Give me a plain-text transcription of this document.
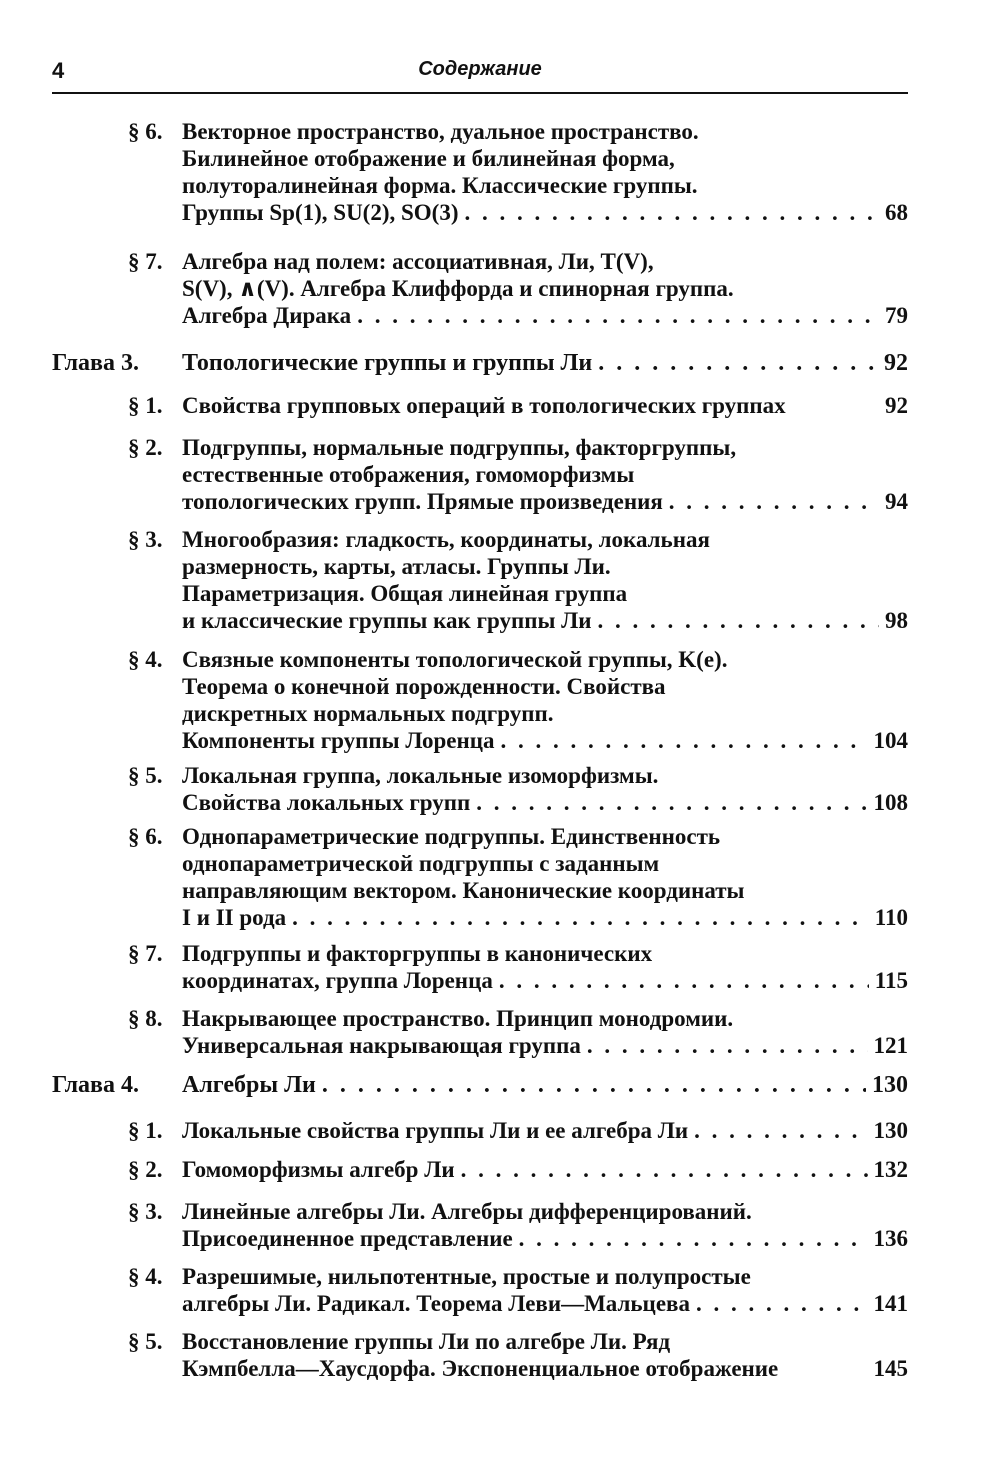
4	Содержание
§ 6. Векторное пространство, дуальное пространство.
Билинейное отображение и билинейная форма,
полуторалинейная форма. Классические группы.
Группы Sp(1), SU(2), SO(3) . . .	68
§ 7. Алгебра над полем: ассоциативная, Ли, T(V),
S(V), ∧(V). Алгебра Клиффорда и спинорная группа.
Алгебра Дирака . . .	79
Глава 3. Топологические группы и группы Ли . . .	92
§ 1. Свойства групповых операций в топологических группах	92
§ 2. Подгруппы, нормальные подгруппы, факторгруппы,
естественные отображения, гомоморфизмы
топологических групп. Прямые произведения . . .	94
§ 3. Многообразия: гладкость, координаты, локальная
размерность, карты, атласы. Группы Ли.
Параметризация. Общая линейная группа
и классические группы как группы Ли . . .	98
§ 4. Связные компоненты топологической группы, K(e).
Теорема о конечной порожденности. Свойства
дискретных нормальных подгрупп.
Компоненты группы Лоренца . . .	104
§ 5. Локальная группа, локальные изоморфизмы.
Свойства локальных групп . . .	108
§ 6. Однопараметрические подгруппы. Единственность
однопараметрической подгруппы с заданным
направляющим вектором. Канонические координаты
I и II рода . . .	110
§ 7. Подгруппы и факторгруппы в канонических
координатах, группа Лоренца . . .	115
§ 8. Накрывающее пространство. Принцип монодромии.
Универсальная накрывающая группа . . .	121
Глава 4. Алгебры Ли . . .	130
§ 1. Локальные свойства группы Ли и ее алгебра Ли . . .	130
§ 2. Гомоморфизмы алгебр Ли . . .	132
§ 3. Линейные алгебры Ли. Алгебры дифференцирований.
Присоединенное представление . . .	136
§ 4. Разрешимые, нильпотентные, простые и полупростые
алгебры Ли. Радикал. Теорема Леви—Мальцева . . .	141
§ 5. Восстановление группы Ли по алгебре Ли. Ряд
Кэмпбелла—Хаусдорфа. Экспоненциальное отображение	145
